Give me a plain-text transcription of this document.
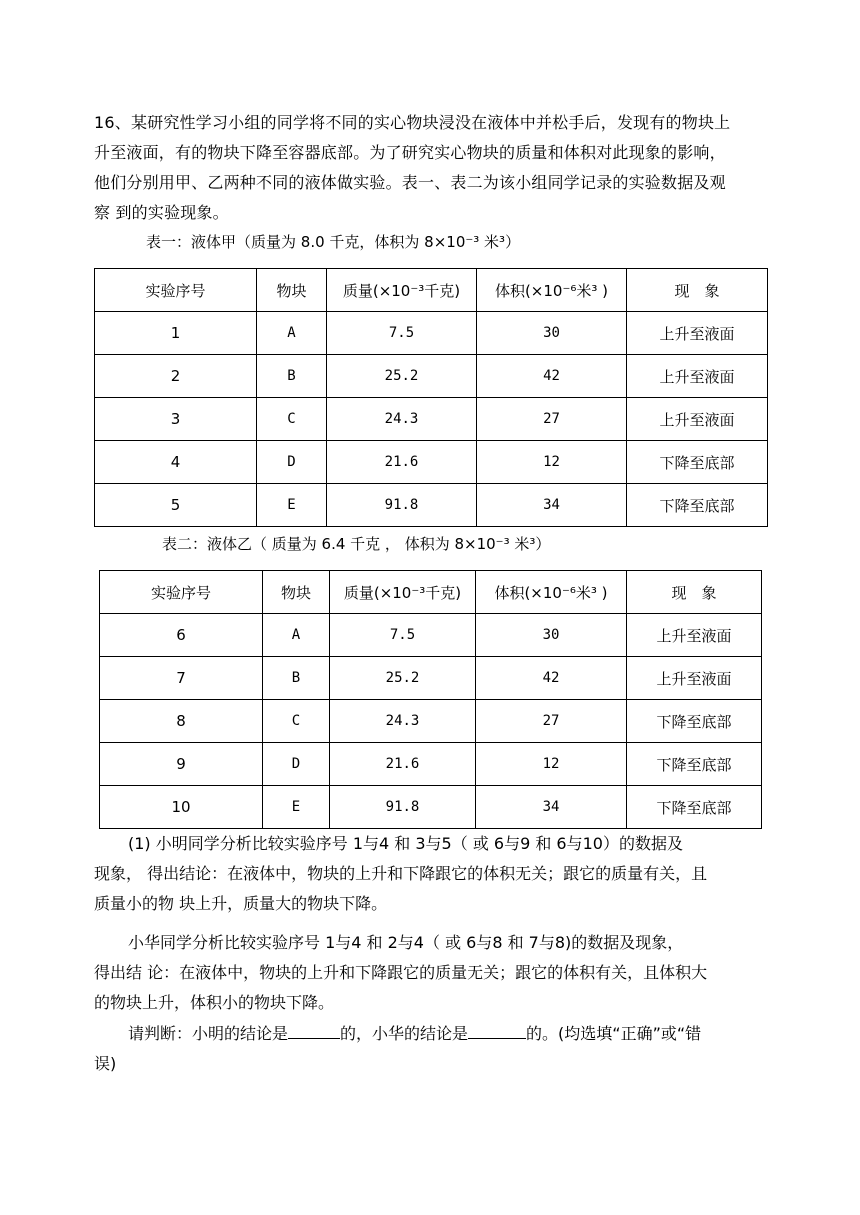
16、某研究性学习小组的同学将不同的实心物块浸没在液体中并松手后，发现有的物块上
升至液面，有的物块下降至容器底部。为了研究实心物块的质量和体积对此现象的影响，
他们分别用甲、乙两种不同的液体做实验。表一、表二为该小组同学记录的实验数据及观
察 到的实验现象。
表一：液体甲（质量为 8.0 千克，体积为 8×10⁻³ 米³）
实验序号	物块	质量(×10⁻³千克)	体积(×10⁻⁶米³ )	现　象
1	A	7.5	30	上升至液面
2	B	25.2	42	上升至液面
3	C	24.3	27	上升至液面
4	D	21.6	12	下降至底部
5	E	91.8	34	下降至底部
表二：液体乙（ 质量为 6.4 千克 ， 体积为 8×10⁻³ 米³）
实验序号	物块	质量(×10⁻³千克)	体积(×10⁻⁶米³ )	现　象
6	A	7.5	30	上升至液面
7	B	25.2	42	上升至液面
8	C	24.3	27	下降至底部
9	D	21.6	12	下降至底部
10	E	91.8	34	下降至底部
(1) 小明同学分析比较实验序号 1与4 和 3与5（ 或 6与9 和 6与10）的数据及
现象， 得出结论：在液体中，物块的上升和下降跟它的体积无关；跟它的质量有关，且
质量小的物 块上升，质量大的物块下降。
小华同学分析比较实验序号 1与4 和 2与4（ 或 6与8 和 7与8)的数据及现象，
得出结 论：在液体中，物块的上升和下降跟它的质量无关；跟它的体积有关，且体积大
的物块上升，体积小的物块下降。
请判断：小明的结论是	的，小华的结论是	的。(均选填“正确”或“错
误)
